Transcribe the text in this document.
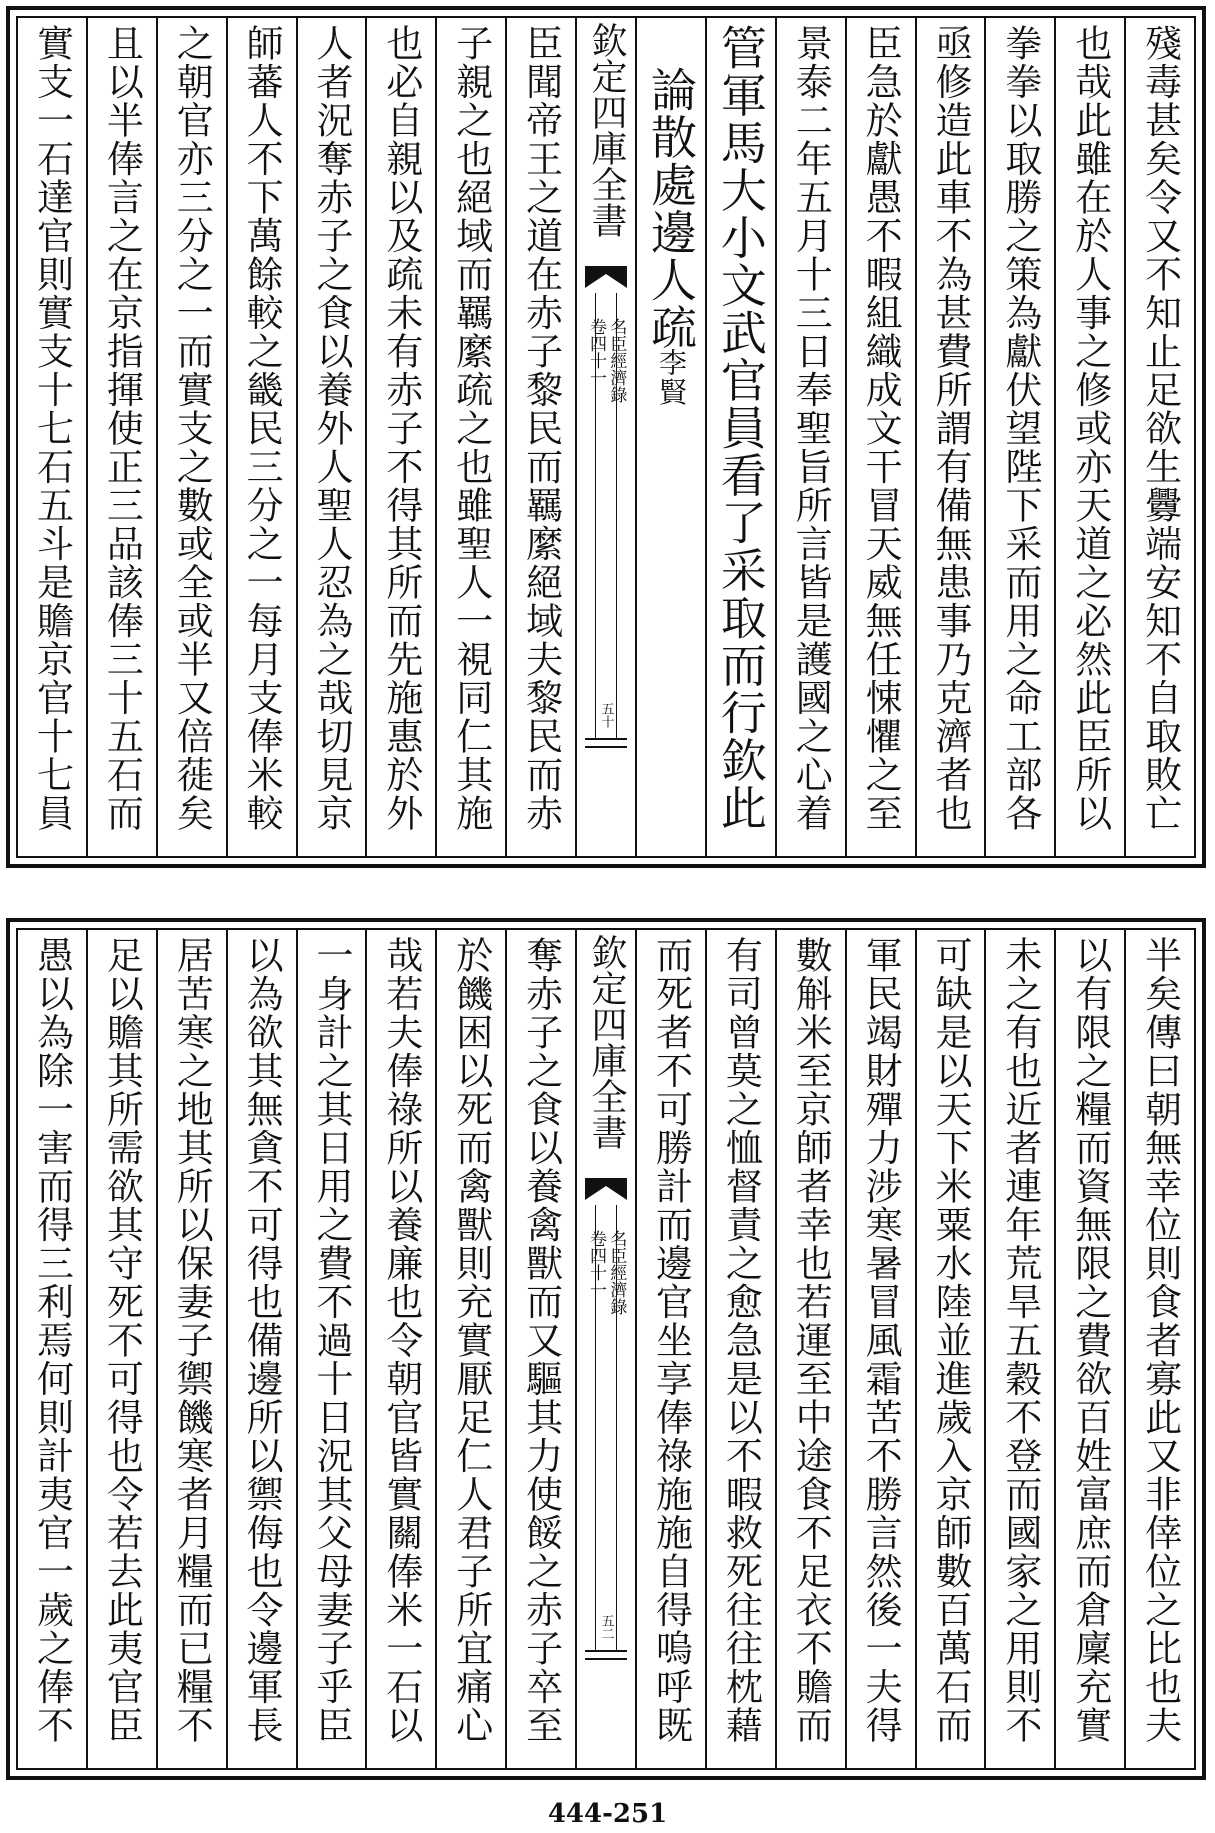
殘毒甚矣令又不知止足欲生釁端安知不自取敗亡
也哉此雖在於人事之修或亦天道之必然此臣所以
拳拳以取勝之策為獻伏望陛下采而用之命工部各
亟修造此車不為甚費所謂有備無患事乃克濟者也
臣急於獻愚不暇組織成文干冒天威無任悚懼之至
景泰二年五月十三日奉聖旨所言皆是護國之心着
管軍馬大小文武官員看了采取而行欽此
論散處邊人疏
李賢
欽定四庫全書
名臣經濟錄
卷四十一
五十
臣聞帝王之道在赤子黎民而羈縻絕域夫黎民而赤
子親之也絕域而羈縻疏之也雖聖人一視同仁其施
也必自親以及疏未有赤子不得其所而先施惠於外
人者況奪赤子之食以養外人聖人忍為之哉切見京
師蕃人不下萬餘較之畿民三分之一每月支俸米較
之朝官亦三分之一而實支之數或全或半又倍蓰矣
且以半俸言之在京指揮使正三品該俸三十五石而
實支一石達官則實支十七石五斗是贍京官十七員
半矣傳曰朝無幸位則食者寡此又非倖位之比也夫
以有限之糧而資無限之費欲百姓富庶而倉廩充實
未之有也近者連年荒旱五穀不登而國家之用則不
可缺是以天下米粟水陸並進歲入京師數百萬石而
軍民竭財殫力涉寒暑冒風霜苦不勝言然後一夫得
數斛米至京師者幸也若運至中途食不足衣不贍而
有司曾莫之恤督責之愈急是以不暇救死往往枕藉
而死者不可勝計而邊官坐享俸祿施施自得嗚呼既
欽定四庫全書
名臣經濟錄
卷四十一
五二
奪赤子之食以養禽獸而又驅其力使餒之赤子卒至
於饑困以死而禽獸則充實厭足仁人君子所宜痛心
哉若夫俸祿所以養廉也令朝官皆實關俸米一石以
一身計之其日用之費不過十日況其父母妻子乎臣
以為欲其無貪不可得也備邊所以禦侮也令邊軍長
居苦寒之地其所以保妻子禦饑寒者月糧而已糧不
足以贍其所需欲其守死不可得也令若去此夷官臣
愚以為除一害而得三利焉何則計夷官一歲之俸不
444-251
